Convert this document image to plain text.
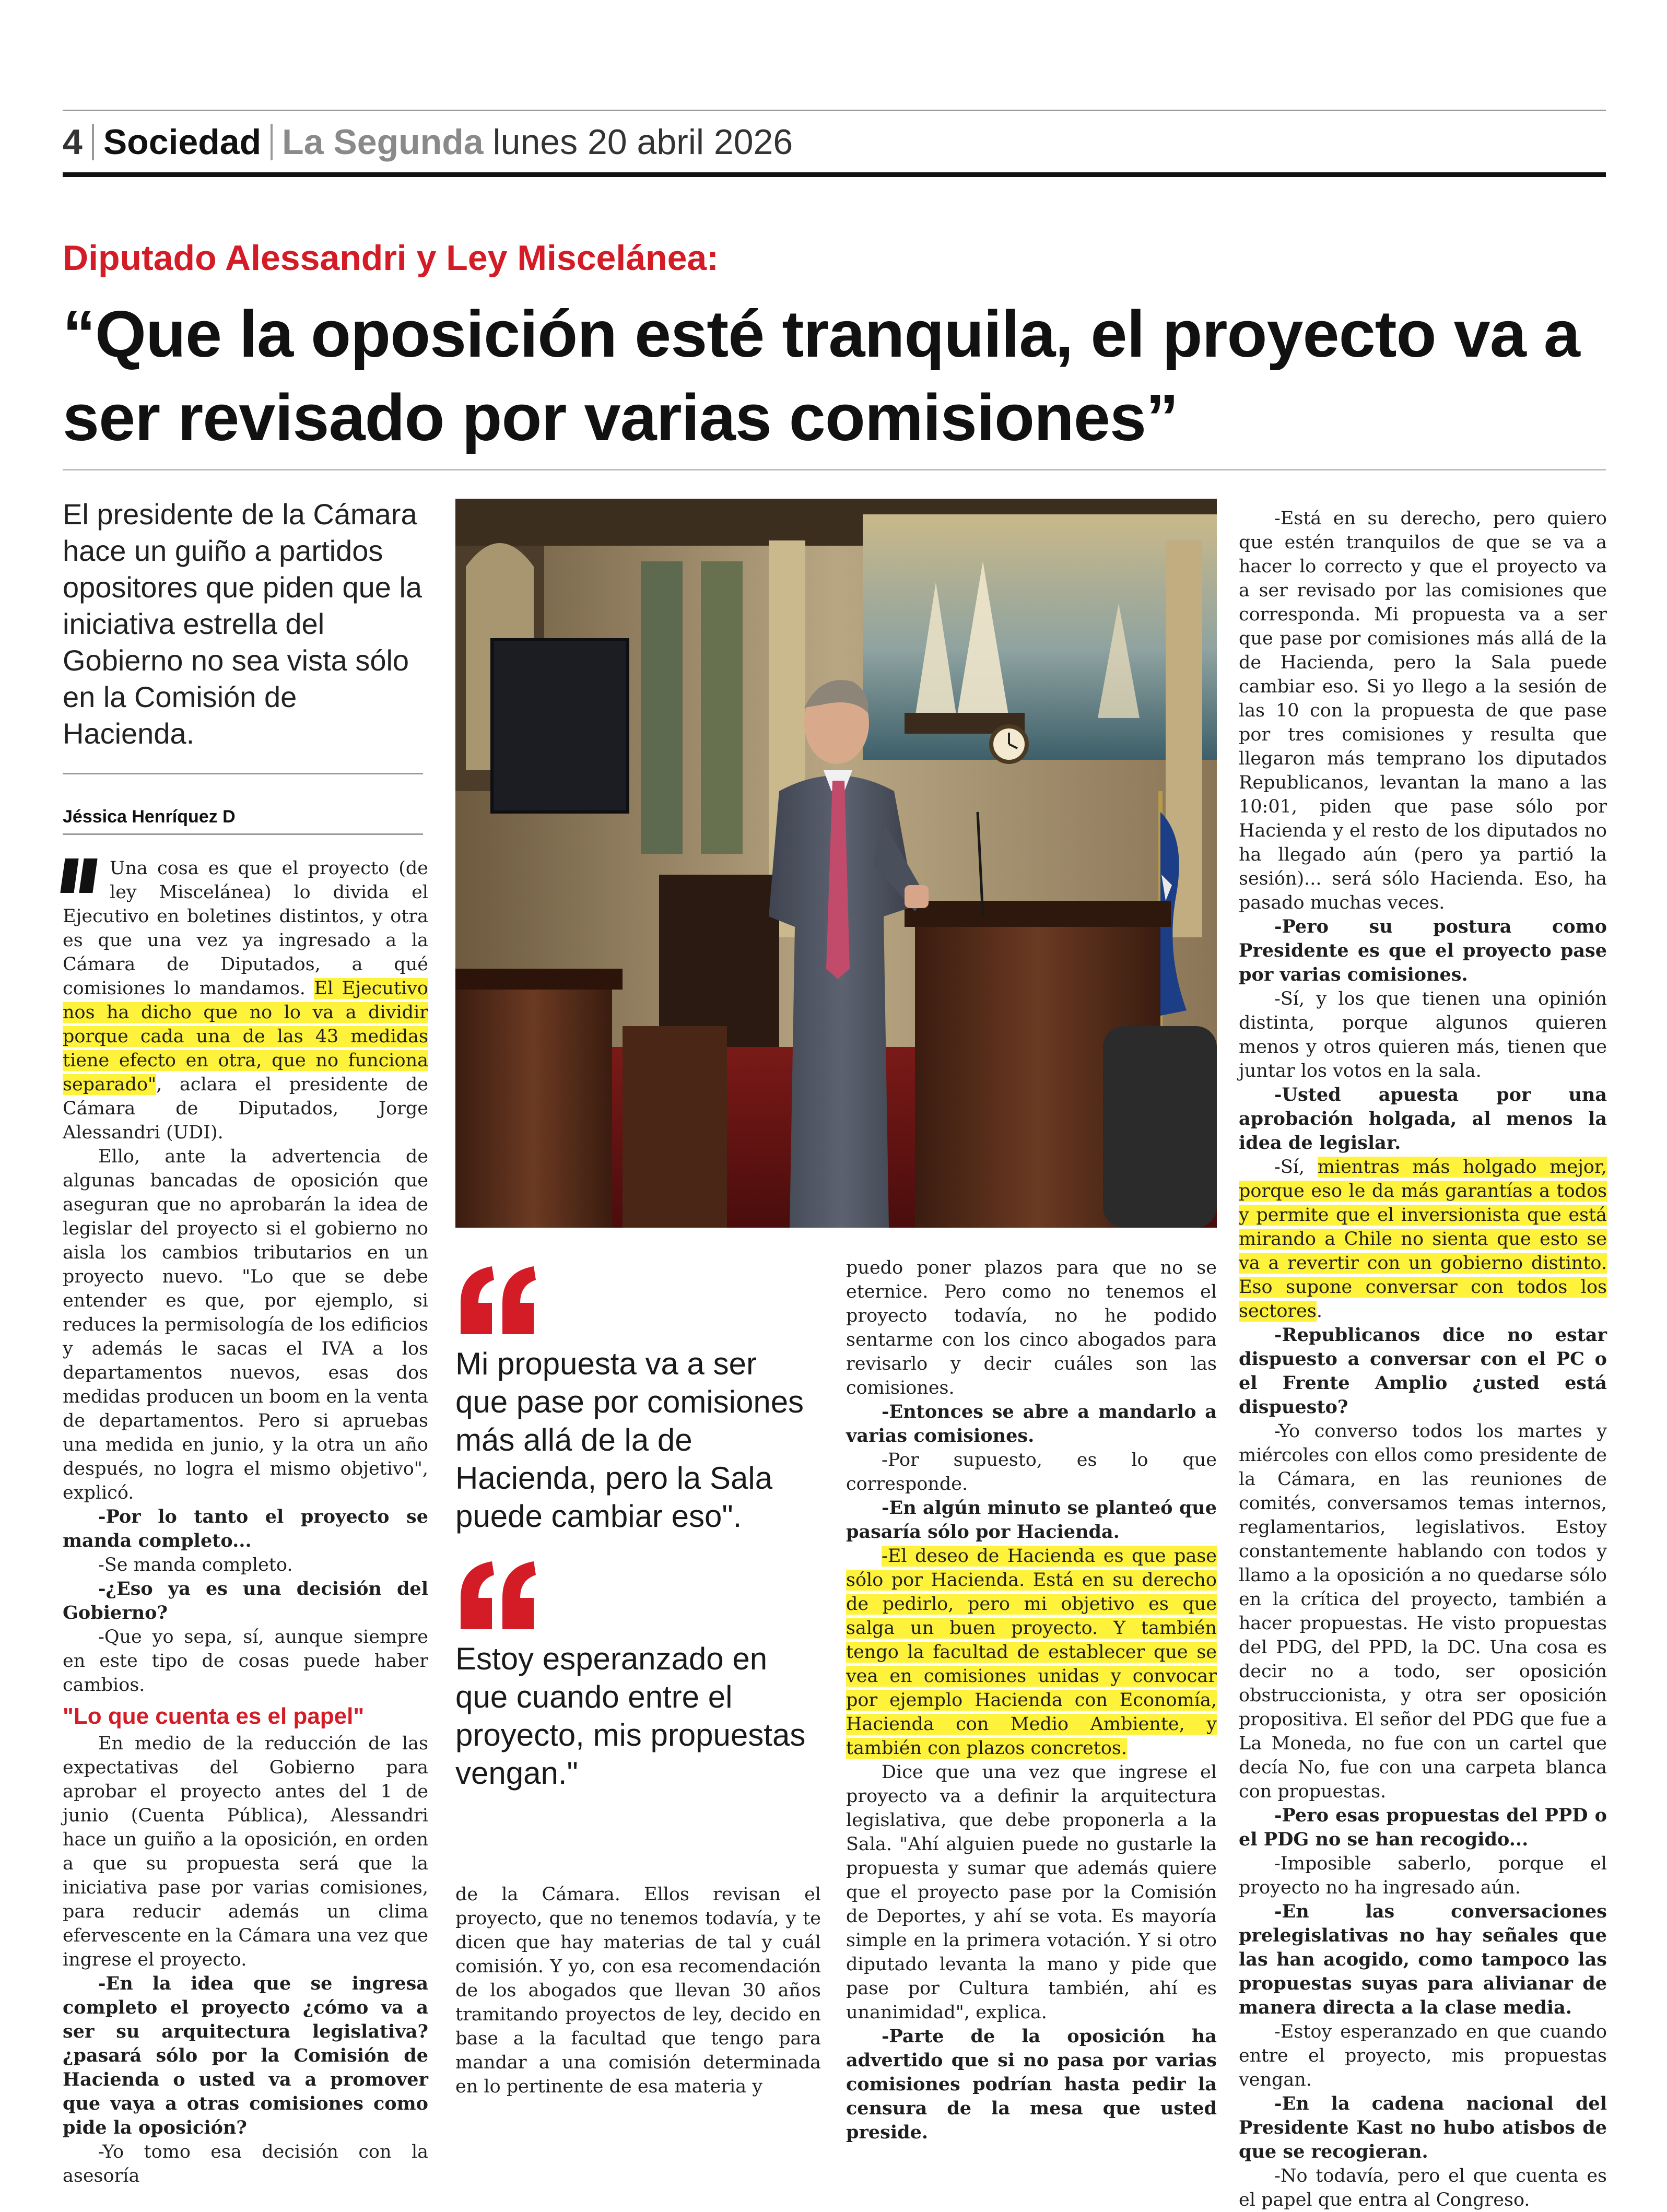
4 Sociedad La Segunda lunes 20 abril 2026
Diputado Alessandri y Ley Miscelánea:
“Que la oposición esté tranquila, el proyecto va a ser revisado por varias comisiones”
El presidente de la Cámara hace un guiño a partidos opositores que piden que la iniciativa estrella del Gobierno no sea vista sólo en la Comisión de Hacienda.
Jéssica Henríquez D

Una cosa es que el proyecto (de ley Miscelánea) lo divida el Ejecutivo en boletines distintos, y otra es que una vez ya ingresado a la Cámara de Diputados, a qué comisiones lo mandamos. El Ejecutivo nos ha dicho que no lo va a dividir porque cada una de las 43 medidas tiene efecto en otra, que no funciona separado", aclara el presidente de Cámara de Diputados, Jorge Alessandri (UDI).

Ello, ante la advertencia de algunas bancadas de oposición que aseguran que no aprobarán la idea de legislar del proyecto si el gobierno no aisla los cambios tributarios en un proyecto nuevo. "Lo que se debe entender es que, por ejemplo, si reduces la permisología de los edificios y además le sacas el IVA a los departamentos nuevos, esas dos medidas producen un boom en la venta de departamentos. Pero si apruebas una medida en junio, y la otra un año después, no logra el mismo objetivo", explicó.

-Por lo tanto el proyecto se manda completo...

-Se manda completo.

-¿Eso ya es una decisión del Gobierno?

-Que yo sepa, sí, aunque siempre en este tipo de cosas puede haber cambios.

"Lo que cuenta es el papel"

En medio de la reducción de las expectativas del Gobierno para aprobar el proyecto antes del 1 de junio (Cuenta Pública), Alessandri hace un guiño a la oposición, en orden a que su propuesta será que la iniciativa pase por varias comisiones, para reducir además un clima efervescente en la Cámara una vez que ingrese el proyecto.

-En la idea que se ingresa completo el proyecto ¿cómo va a ser su arquitectura legislativa? ¿pasará sólo por la Comisión de Hacienda o usted va a promover que vaya a otras comisiones como pide la oposición?

-Yo tomo esa decisión con la asesoría

Mi propuesta va a ser que pase por comisiones más allá de la de Hacienda, pero la Sala puede cambiar eso".
Estoy esperanzado en que cuando entre el proyecto, mis propuestas vengan."

de la Cámara. Ellos revisan el proyecto, que no tenemos todavía, y te dicen que hay materias de tal y cuál comisión. Y yo, con esa recomendación de los abogados que llevan 30 años tramitando proyectos de ley, decido en base a la facultad que tengo para mandar a una comisión determinada en lo pertinente de esa materia y

puedo poner plazos para que no se eternice. Pero como no tenemos el proyecto todavía, no he podido sentarme con los cinco abogados para revisarlo y decir cuáles son las comisiones.

-Entonces se abre a mandarlo a varias comisiones.

-Por supuesto, es lo que corresponde.

-En algún minuto se planteó que pasaría sólo por Hacienda.

-El deseo de Hacienda es que pase sólo por Hacienda. Está en su derecho de pedirlo, pero mi objetivo es que salga un buen proyecto. Y también tengo la facultad de establecer que se vea en comisiones unidas y convocar por ejemplo Hacienda con Economía, Hacienda con Medio Ambiente, y también con plazos concretos.

Dice que una vez que ingrese el proyecto va a definir la arquitectura legislativa, que debe proponerla a la Sala. "Ahí alguien puede no gustarle la propuesta y sumar que además quiere que el proyecto pase por la Comisión de Deportes, y ahí se vota. Es mayoría simple en la primera votación. Y si otro diputado levanta la mano y pide que pase por Cultura también, ahí es unanimidad", explica.

-Parte de la oposición ha advertido que si no pasa por varias comisiones podrían hasta pedir la censura de la mesa que usted preside.

-Está en su derecho, pero quiero que estén tranquilos de que se va a hacer lo correcto y que el proyecto va a ser revisado por las comisiones que corresponda. Mi propuesta va a ser que pase por comisiones más allá de la de Hacienda, pero la Sala puede cambiar eso. Si yo llego a la sesión de las 10 con la propuesta de que pase por tres comisiones y resulta que llegaron más temprano los diputados Republicanos, levantan la mano a las 10:01, piden que pase sólo por Hacienda y el resto de los diputados no ha llegado aún (pero ya partió la sesión)... será sólo Hacienda. Eso, ha pasado muchas veces.

-Pero su postura como Presidente es que el proyecto pase por varias comisiones.

-Sí, y los que tienen una opinión distinta, porque algunos quieren menos y otros quieren más, tienen que juntar los votos en la sala.

-Usted apuesta por una aprobación holgada, al menos la idea de legislar.

-Sí, mientras más holgado mejor, porque eso le da más garantías a todos y permite que el inversionista que está mirando a Chile no sienta que esto se va a revertir con un gobierno distinto. Eso supone conversar con todos los sectores.

-Republicanos dice no estar dispuesto a conversar con el PC o el Frente Amplio ¿usted está dispuesto?

-Yo converso todos los martes y miércoles con ellos como presidente de la Cámara, en las reuniones de comités, conversamos temas internos, reglamentarios, legislativos. Estoy constantemente hablando con todos y llamo a la oposición a no quedarse sólo en la crítica del proyecto, también a hacer propuestas. He visto propuestas del PDG, del PPD, la DC. Una cosa es decir no a todo, ser oposición obstruccionista, y otra ser oposición propositiva. El señor del PDG que fue a La Moneda, no fue con un cartel que decía No, fue con una carpeta blanca con propuestas.

-Pero esas propuestas del PPD o el PDG no se han recogido...

-Imposible saberlo, porque el proyecto no ha ingresado aún.

-En las conversaciones prelegislativas no hay señales que las han acogido, como tampoco las propuestas suyas para alivianar de manera directa a la clase media.

-Estoy esperanzado en que cuando entre el proyecto, mis propuestas vengan.

-En la cadena nacional del Presidente Kast no hubo atisbos de que se recogieran.

-No todavía, pero el que cuenta es el papel que entra al Congreso.
